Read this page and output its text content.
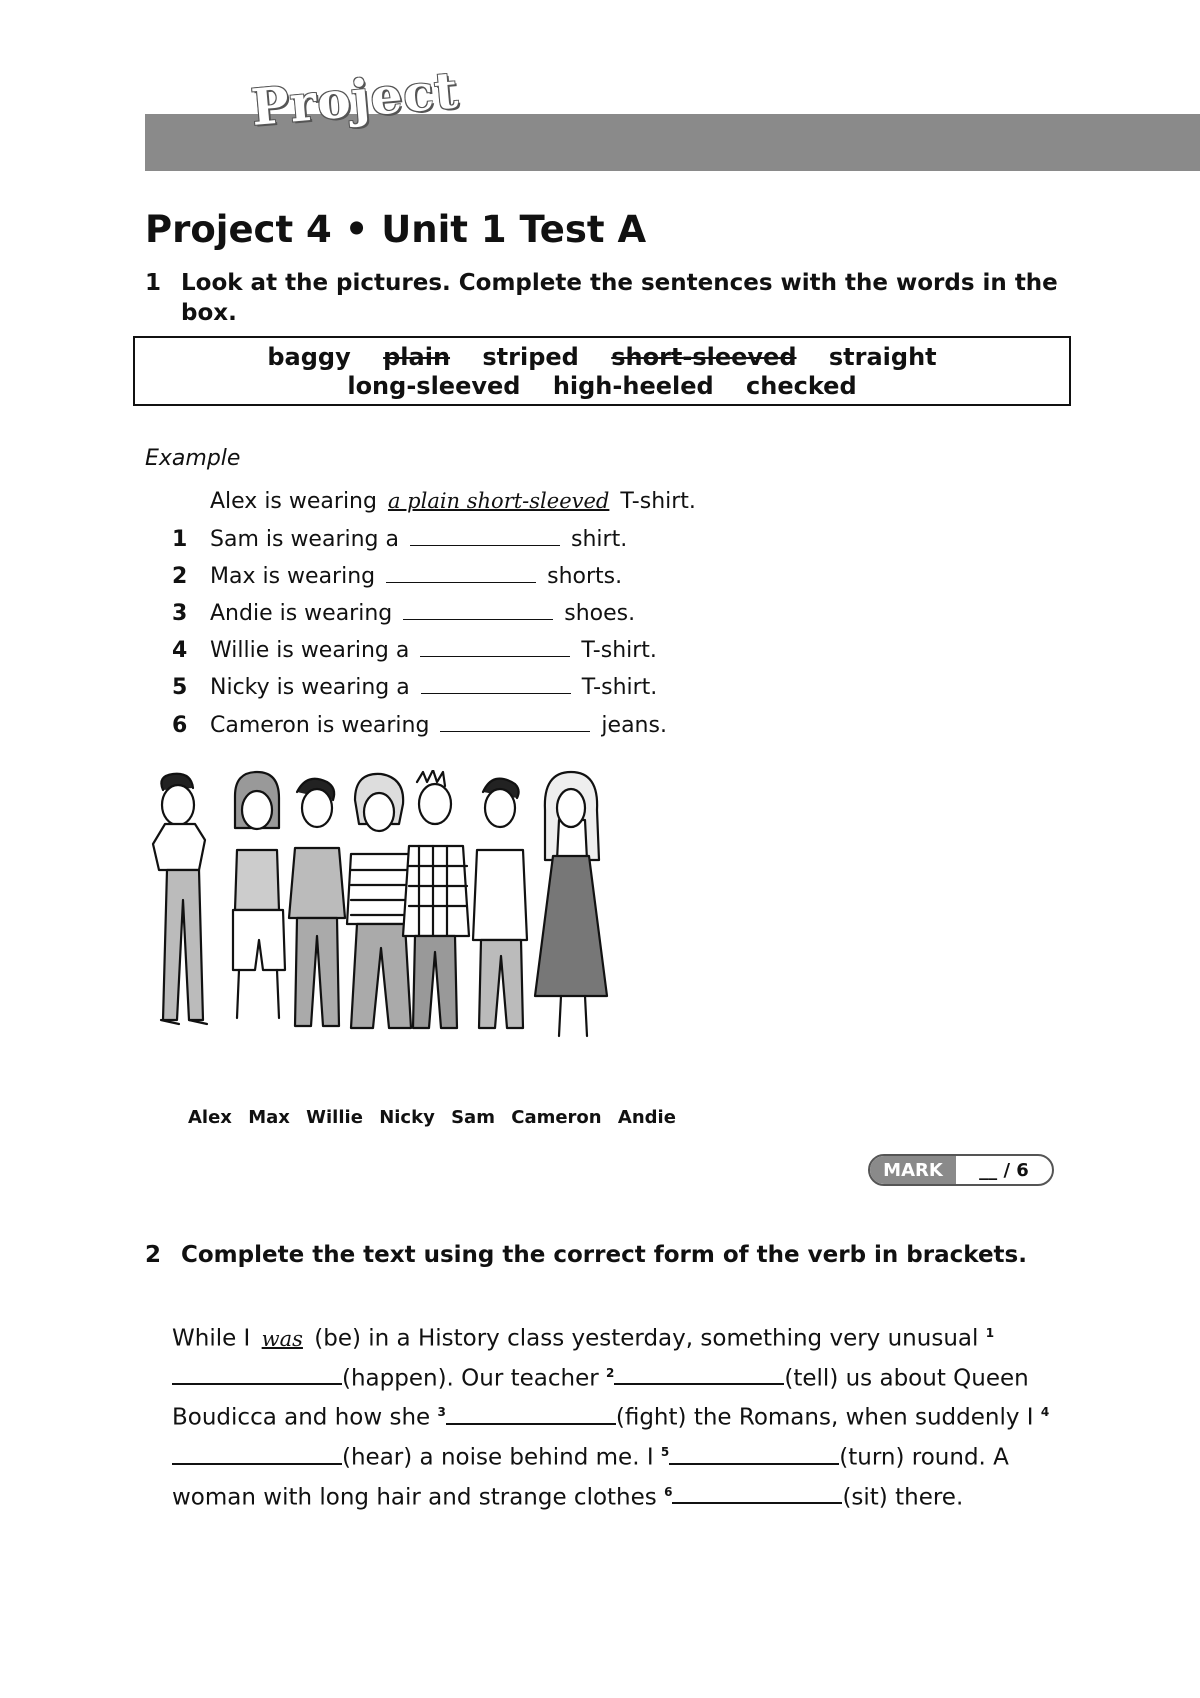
Project
Project 4 • Unit 1 Test A
1 Look at the pictures. Complete the sentences with the words in the box.
baggy plain striped short-sleeved straight
long-sleeved high-heeled checked
Example
Alex is wearing a plain short-sleeved T-shirt.
1 Sam is wearing a	shirt.
2 Max is wearing	shorts.
3 Andie is wearing	shoes.
4 Willie is wearing a	T-shirt.
5 Nicky is wearing a	T-shirt.
6 Cameron is wearing	jeans.
Alex Max Willie Nicky Sam Cameron Andie
MARK	__ / 6
2 Complete the text using the correct form of the verb in brackets.
While I was (be) in a History class yesterday, something very unusual $^1$(happen). Our teacher $^2$	(tell) us about Queen Boudicca and how she $^3$	(fight) the Romans, when suddenly I $^4$(hear) a noise behind me. I $^5$	(turn) round. A woman with long hair and strange clothes $^6$	(sit) there.
